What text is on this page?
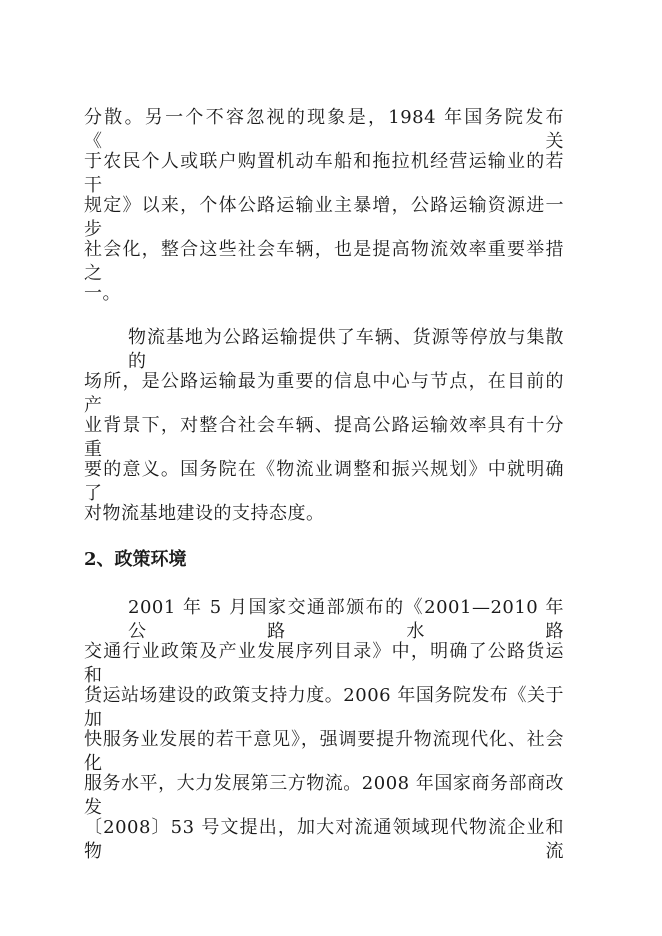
分散。另一个不容忽视的现象是，1984 年国务院发布 《关
于农民个人或联户购置机动车船和拖拉机经营运输业的若干
规定》以来，个体公路运输业主暴增，公路运输资源进一步
社会化，整合这些社会车辆，也是提高物流效率重要举措之
一。
物流基地为公路运输提供了车辆、货源等停放与集散的
场所，是公路运输最为重要的信息中心与节点，在目前的产
业背景下，对整合社会车辆、提高公路运输效率具有十分重
要的意义。国务院在《物流业调整和振兴规划》中就明确了
对物流基地建设的支持态度。
2、政策环境
2001 年 5 月国家交通部颁布的《2001—2010 年公路水路
交通行业政策及产业发展序列目录》中，明确了公路货运和
货运站场建设的政策支持力度。2006 年国务院发布《关于加
快服务业发展的若干意见》，强调要提升物流现代化、社会化
服务水平，大力发展第三方物流。2008 年国家商务部商改发
〔2008〕53 号文提出，加大对流通领域现代物流企业和物流
